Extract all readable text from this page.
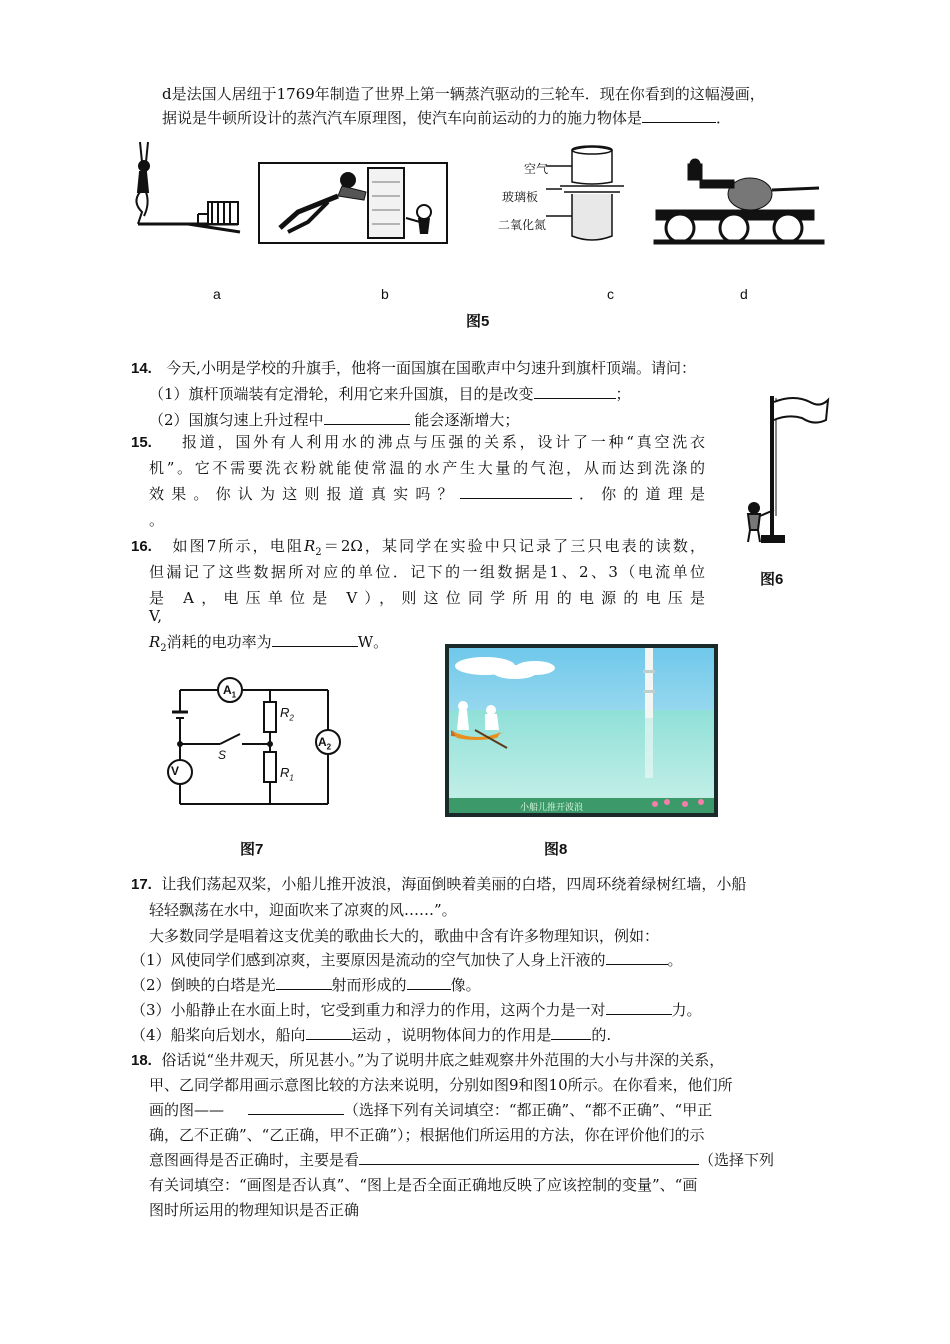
d是法国人居纽于1769年制造了世界上第一辆蒸汽驱动的三轮车．现在你看到的这幅漫画，
据说是牛顿所设计的蒸汽汽车原理图，使汽车向前运动的力的施力物体是	．
空气
玻璃板
二氧化氮
a	b	c	d
图5
14. 今天,小明是学校的升旗手，他将一面国旗在国歌声中匀速升到旗杆顶端。请问：
（1）旗杆顶端装有定滑轮，利用它来升国旗，目的是改变	；
（2）国旗匀速上升过程中	能会逐渐增大；
图6
15. 报道，国外有人利用水的沸点与压强的关系，设计了一种“真空洗衣
机”。它不需要洗衣粉就能使常温的水产生大量的气泡，从而达到洗涤的
效果。你认为这则报道真实吗？	．你的道理是
。
16. 如图7所示，电阻$R_2=2\Omega$，某同学在实验中只记录了三只电表的读数，
但漏记了这些数据所对应的单位．记下的一组数据是1、2、3（电流单位
是 A，电压单位是 V），则这位同学所用的电源的电压是
V,
$R_2$消耗的电功率为	W。
$A_1$
V
$A_2$
S
$R_2$
$R_1$
图7
小船儿推开波浪
图8
17. 让我们荡起双桨，小船儿推开波浪，海面倒映着美丽的白塔，四周环绕着绿树红墙，小船
轻轻飘荡在水中，迎面吹来了凉爽的风……”。
大多数同学是唱着这支优美的歌曲长大的，歌曲中含有许多物理知识，例如：
（1）风使同学们感到凉爽，主要原因是流动的空气加快了人身上汗液的	。
（2）倒映的白塔是光	射而形成的	像。
（3）小船静止在水面上时，它受到重力和浮力的作用，这两个力是一对	力。
（4）船桨向后划水，船向	运动 ，说明物体间力的作用是	的.
18. 俗话说“坐井观天，所见甚小。”为了说明井底之蛙观察井外范围的大小与井深的关系，
甲、乙同学都用画示意图比较的方法来说明，分别如图9和图10所示。在你看来，他们所
画的图——	（选择下列有关词填空：“都正确”、“都不正确”、“甲正
确，乙不正确”、“乙正确，甲不正确”）；根据他们所运用的方法，你在评价他们的示
意图画得是否正确时，主要是看	（选择下列
有关词填空：“画图是否认真”、“图上是否全面正确地反映了应该控制的变量”、“画
图时所运用的物理知识是否正确
